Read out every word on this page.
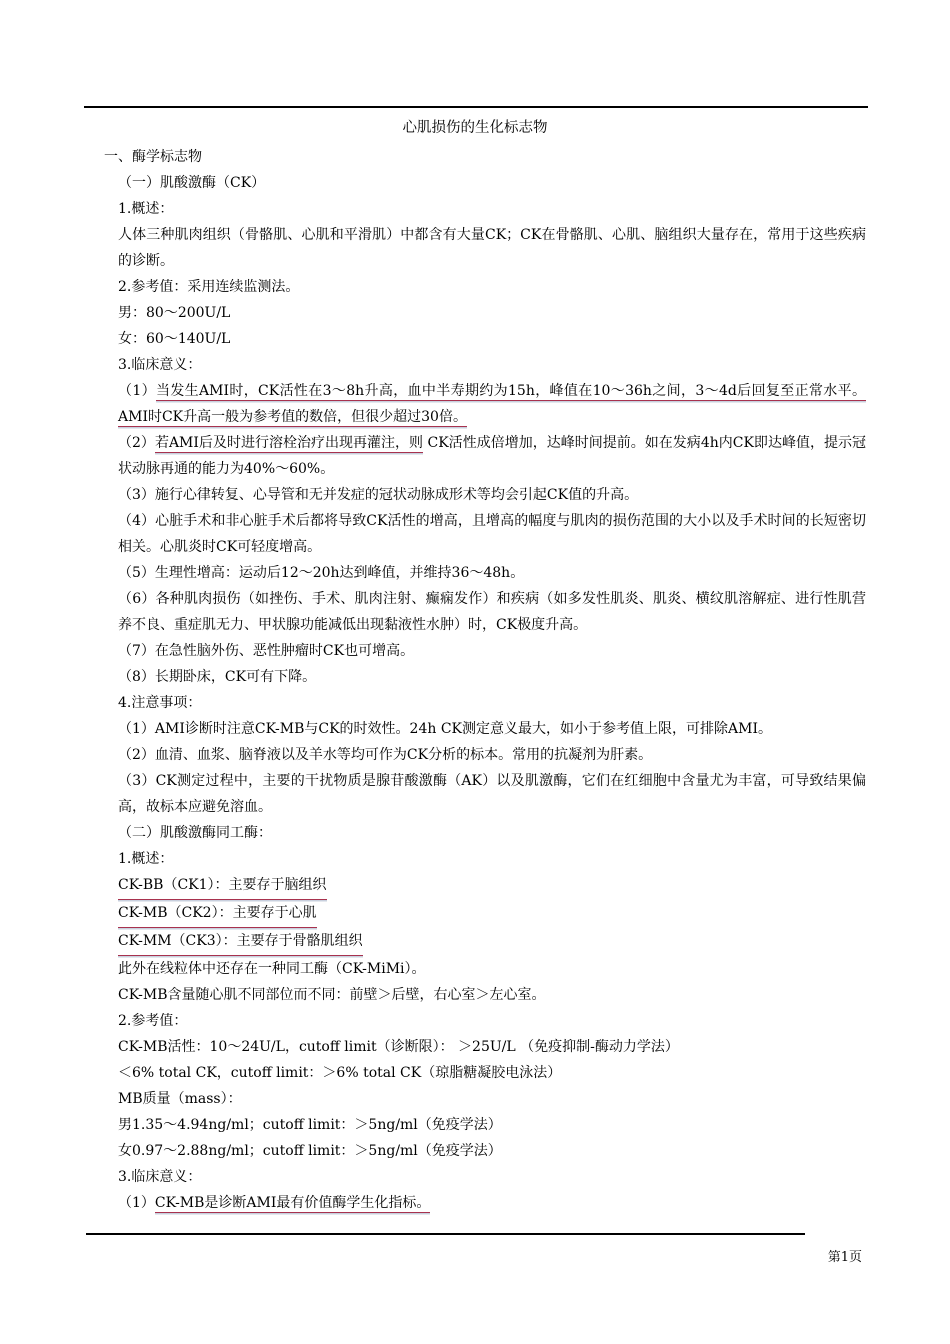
心肌损伤的生化标志物

一、酶学标志物

（一）肌酸激酶（CK）

1.概述：

人体三种肌肉组织（骨骼肌、心肌和平滑肌）中都含有大量CK；CK在骨骼肌、心肌、脑组织大量存在，常用于这些疾病的诊断。

2.参考值：采用连续监测法。

男：80～200U/L

女：60～140U/L

3.临床意义：

（1）当发生AMI时，CK活性在3～8h升高，血中半寿期约为15h，峰值在10～36h之间，3～4d后回复至正常水平。AMI时CK升高一般为参考值的数倍，但很少超过30倍。

（2）若AMI后及时进行溶栓治疗出现再灌注，则 CK活性成倍增加，达峰时间提前。如在发病4h内CK即达峰值，提示冠状动脉再通的能力为40%～60%。

（3）施行心律转复、心导管和无并发症的冠状动脉成形术等均会引起CK值的升高。

（4）心脏手术和非心脏手术后都将导致CK活性的增高，且增高的幅度与肌肉的损伤范围的大小以及手术时间的长短密切相关。心肌炎时CK可轻度增高。

（5）生理性增高：运动后12～20h达到峰值，并维持36～48h。

（6）各种肌肉损伤（如挫伤、手术、肌肉注射、癫痫发作）和疾病（如多发性肌炎、肌炎、横纹肌溶解症、进行性肌营养不良、重症肌无力、甲状腺功能减低出现黏液性水肿）时，CK极度升高。

（7）在急性脑外伤、恶性肿瘤时CK也可增高。

（8）长期卧床，CK可有下降。

4.注意事项：

（1）AMI诊断时注意CK-MB与CK的时效性。24h CK测定意义最大，如小于参考值上限，可排除AMI。

（2）血清、血浆、脑脊液以及羊水等均可作为CK分析的标本。常用的抗凝剂为肝素。

（3）CK测定过程中，主要的干扰物质是腺苷酸激酶（AK）以及肌激酶，它们在红细胞中含量尤为丰富，可导致结果偏高，故标本应避免溶血。

（二）肌酸激酶同工酶：

1.概述：

CK-BB（CK1）：主要存于脑组织

CK-MB（CK2）：主要存于心肌

CK-MM（CK3）：主要存于骨骼肌组织

此外在线粒体中还存在一种同工酶（CK-MiMi）。

CK-MB含量随心肌不同部位而不同：前壁＞后壁，右心室＞左心室。

2.参考值：

CK-MB活性：10～24U/L，cutoff limit（诊断限）： ＞25U/L （免疫抑制-酶动力学法）

＜6% total CK，cutoff limit：＞6% total CK（琼脂糖凝胶电泳法）

MB质量（mass）：

男1.35～4.94ng/ml；cutoff limit：＞5ng/ml（免疫学法）

女0.97～2.88ng/ml；cutoff limit：＞5ng/ml（免疫学法）

3.临床意义：

（1）CK-MB是诊断AMI最有价值酶学生化指标。

第1页
